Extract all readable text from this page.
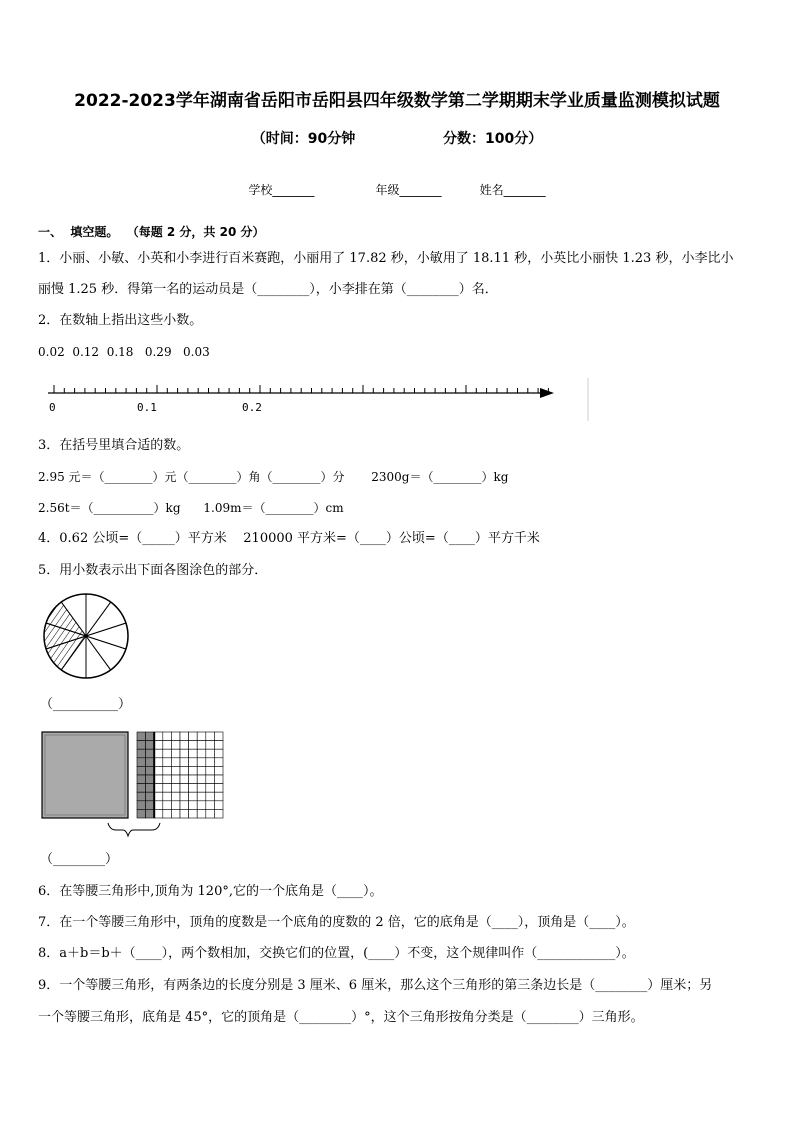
2022-2023学年湖南省岳阳市岳阳县四年级数学第二学期期末学业质量监测模拟试题
（时间：90分钟                  分数：100分）
学校_______                年级_______          姓名_______
一、  填空题。  （每题 2 分，共 20 分）
1．小丽、小敏、小英和小李进行百米赛跑，小丽用了 17.82 秒，小敏用了 18.11 秒，小英比小丽快 1.23 秒，小李比小
丽慢 1.25 秒．得第一名的运动员是（________），小李排在第（________）名．
2．在数轴上指出这些小数。
0.02  0.12  0.18   0.29   0.03
0	0.1	0.2
3．在括号里填合适的数。
2.95 元＝（________）元（________）角（________）分       2300g＝（________）kg
2.56t＝（__________）kg      1.09m＝（________）cm
4．0.62 公顷=（_____）平方米    210000 平方米=（____）公顷=（____）平方千米
5．用小数表示出下面各图涂色的部分．
（__________）
（________）
6．在等腰三角形中,顶角为 120°,它的一个底角是（____）。
7．在一个等腰三角形中，顶角的度数是一个底角的度数的 2 倍，它的底角是（____），顶角是（____）。
8．a＋b＝b＋（____），两个数相加，交换它们的位置，(____）不变，这个规律叫作（____________）。
9．一个等腰三角形，有两条边的长度分别是 3 厘米、6 厘米，那么这个三角形的第三条边长是（________）厘米；另
一个等腰三角形，底角是 45°，它的顶角是（________）°，这个三角形按角分类是（________）三角形。
